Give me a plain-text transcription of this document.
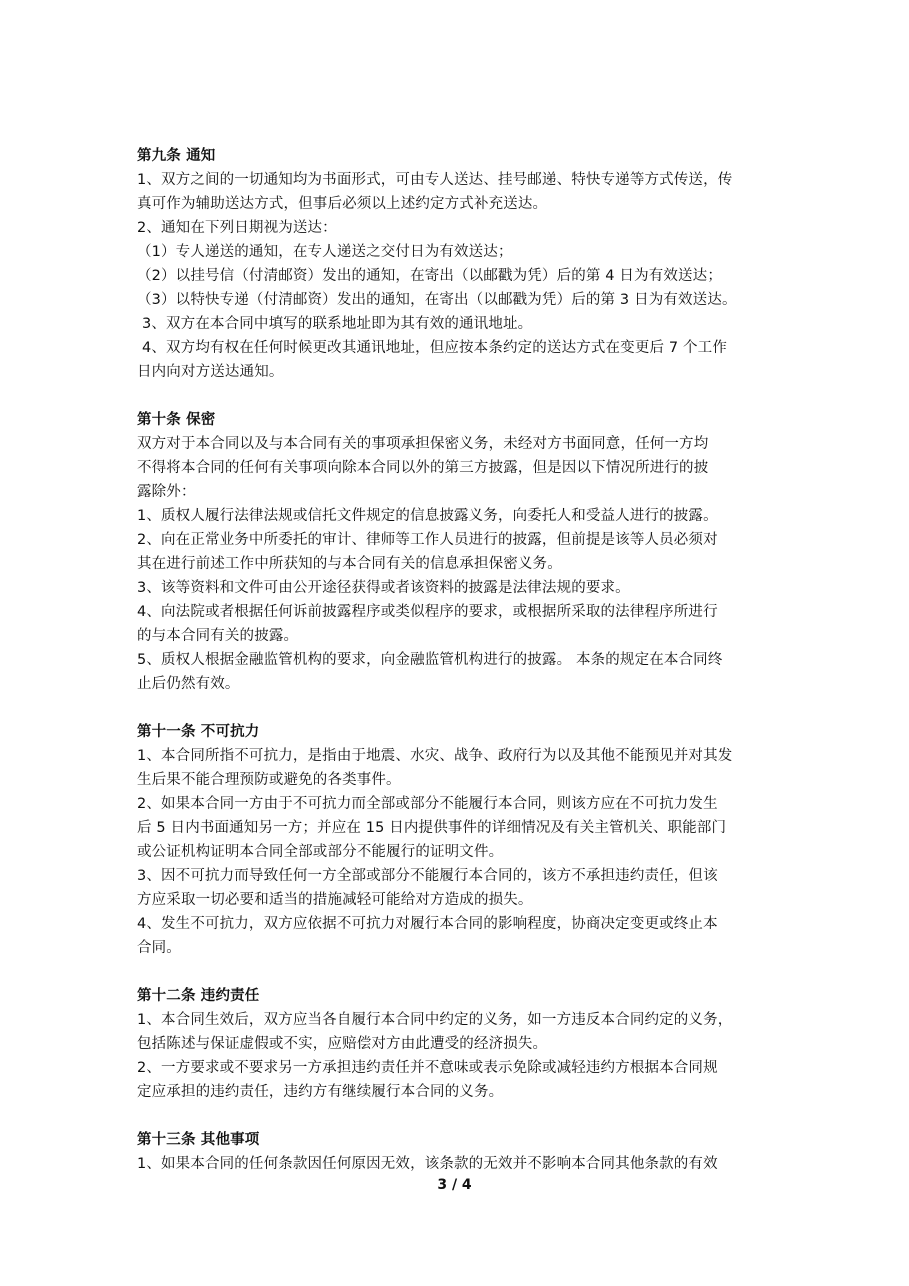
第九条 通知
1、双方之间的一切通知均为书面形式，可由专人送达、挂号邮递、特快专递等方式传送，传
真可作为辅助送达方式，但事后必须以上述约定方式补充送达。
2、通知在下列日期视为送达：
（1）专人递送的通知，在专人递送之交付日为有效送达；
（2）以挂号信（付清邮资）发出的通知，在寄出（以邮戳为凭）后的第 4 日为有效送达；
（3）以特快专递（付清邮资）发出的通知，在寄出（以邮戳为凭）后的第 3 日为有效送达。
3、双方在本合同中填写的联系地址即为其有效的通讯地址。
4、双方均有权在任何时候更改其通讯地址，但应按本条约定的送达方式在变更后 7 个工作
日内向对方送达通知。
第十条 保密
双方对于本合同以及与本合同有关的事项承担保密义务，未经对方书面同意，任何一方均
不得将本合同的任何有关事项向除本合同以外的第三方披露，但是因以下情况所进行的披
露除外：
1、质权人履行法律法规或信托文件规定的信息披露义务，向委托人和受益人进行的披露。
2、向在正常业务中所委托的审计、律师等工作人员进行的披露，但前提是该等人员必须对
其在进行前述工作中所获知的与本合同有关的信息承担保密义务。
3、该等资料和文件可由公开途径获得或者该资料的披露是法律法规的要求。
4、向法院或者根据任何诉前披露程序或类似程序的要求，或根据所采取的法律程序所进行
的与本合同有关的披露。
5、质权人根据金融监管机构的要求，向金融监管机构进行的披露。 本条的规定在本合同终
止后仍然有效。
第十一条 不可抗力
1、本合同所指不可抗力，是指由于地震、水灾、战争、政府行为以及其他不能预见并对其发
生后果不能合理预防或避免的各类事件。
2、如果本合同一方由于不可抗力而全部或部分不能履行本合同，则该方应在不可抗力发生
后 5 日内书面通知另一方；并应在 15 日内提供事件的详细情况及有关主管机关、职能部门
或公证机构证明本合同全部或部分不能履行的证明文件。
3、因不可抗力而导致任何一方全部或部分不能履行本合同的，该方不承担违约责任，但该
方应采取一切必要和适当的措施减轻可能给对方造成的损失。
4、发生不可抗力，双方应依据不可抗力对履行本合同的影响程度，协商决定变更或终止本
合同。
第十二条 违约责任
1、本合同生效后，双方应当各自履行本合同中约定的义务，如一方违反本合同约定的义务，
包括陈述与保证虚假或不实，应赔偿对方由此遭受的经济损失。
2、一方要求或不要求另一方承担违约责任并不意味或表示免除或减轻违约方根据本合同规
定应承担的违约责任，违约方有继续履行本合同的义务。
第十三条 其他事项
1、如果本合同的任何条款因任何原因无效，该条款的无效并不影响本合同其他条款的有效
3 / 4
